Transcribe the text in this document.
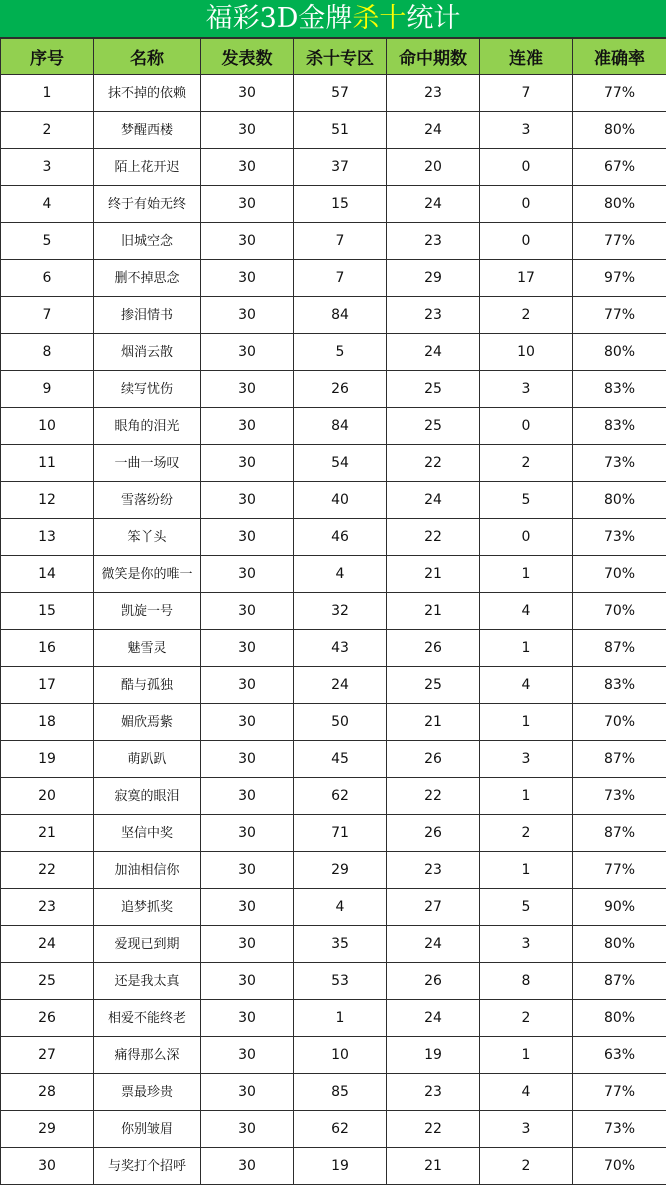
福彩3D金牌杀十统计
序号	名称	发表数	杀十专区	命中期数	连准	准确率
1	抹不掉的依赖	30	57	23	7	77%
2	梦醒西楼	30	51	24	3	80%
3	陌上花开迟	30	37	20	0	67%
4	终于有始无终	30	15	24	0	80%
5	旧城空念	30	7	23	0	77%
6	删不掉思念	30	7	29	17	97%
7	掺泪情书	30	84	23	2	77%
8	烟消云散	30	5	24	10	80%
9	续写忧伤	30	26	25	3	83%
10	眼角的泪光	30	84	25	0	83%
11	一曲一场叹	30	54	22	2	73%
12	雪落纷纷	30	40	24	5	80%
13	笨丫头	30	46	22	0	73%
14	微笑是你的唯一	30	4	21	1	70%
15	凯旋一号	30	32	21	4	70%
16	魅雪灵	30	43	26	1	87%
17	酷与孤独	30	24	25	4	83%
18	媚欣焉紫	30	50	21	1	70%
19	萌趴趴	30	45	26	3	87%
20	寂寞的眼泪	30	62	22	1	73%
21	坚信中奖	30	71	26	2	87%
22	加油相信你	30	29	23	1	77%
23	追梦抓奖	30	4	27	5	90%
24	爱现已到期	30	35	24	3	80%
25	还是我太真	30	53	26	8	87%
26	相爱不能终老	30	1	24	2	80%
27	痛得那么深	30	10	19	1	63%
28	票最珍贵	30	85	23	4	77%
29	你别皱眉	30	62	22	3	73%
30	与奖打个招呼	30	19	21	2	70%
